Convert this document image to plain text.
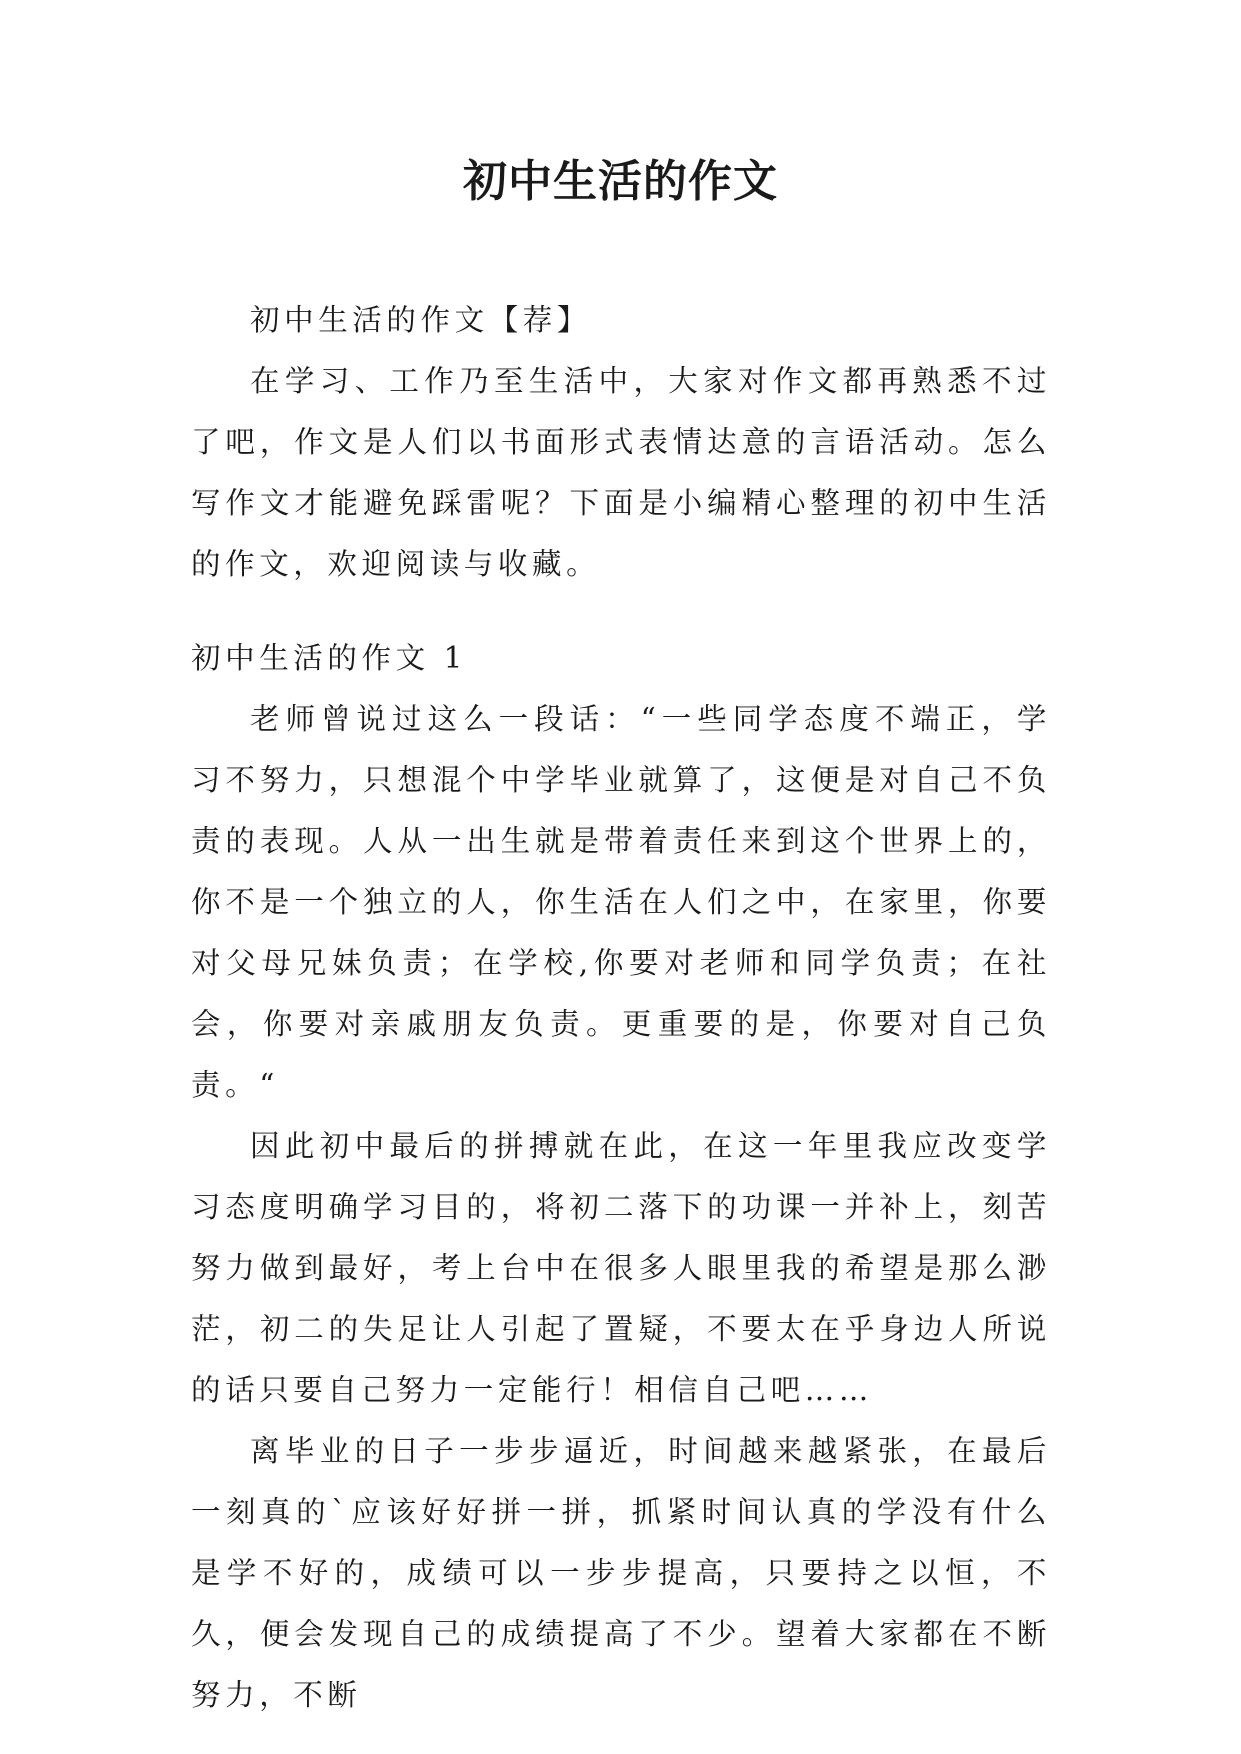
初中生活的作文

初中生活的作文【荐】

在学习、工作乃至生活中，大家对作文都再熟悉不过了吧，作文是人们以书面形式表情达意的言语活动。怎么写作文才能避免踩雷呢？下面是小编精心整理的初中生活的作文，欢迎阅读与收藏。

初中生活的作文 1

老师曾说过这么一段话：“一些同学态度不端正，学习不努力，只想混个中学毕业就算了，这便是对自己不负责的表现。人从一出生就是带着责任来到这个世界上的，你不是一个独立的人，你生活在人们之中，在家里，你要对父母兄妹负责；在学校,你要对老师和同学负责；在社会，你要对亲戚朋友负责。更重要的是，你要对自己负责。“

因此初中最后的拼搏就在此，在这一年里我应改变学习态度明确学习目的，将初二落下的功课一并补上，刻苦努力做到最好，考上台中在很多人眼里我的希望是那么渺茫，初二的失足让人引起了置疑，不要太在乎身边人所说的话只要自己努力一定能行！相信自己吧……

离毕业的日子一步步逼近，时间越来越紧张，在最后一刻真的`应该好好拼一拼，抓紧时间认真的学没有什么是学不好的，成绩可以一步步提高，只要持之以恒，不久，便会发现自己的成绩提高了不少。望着大家都在不断努力，不断
